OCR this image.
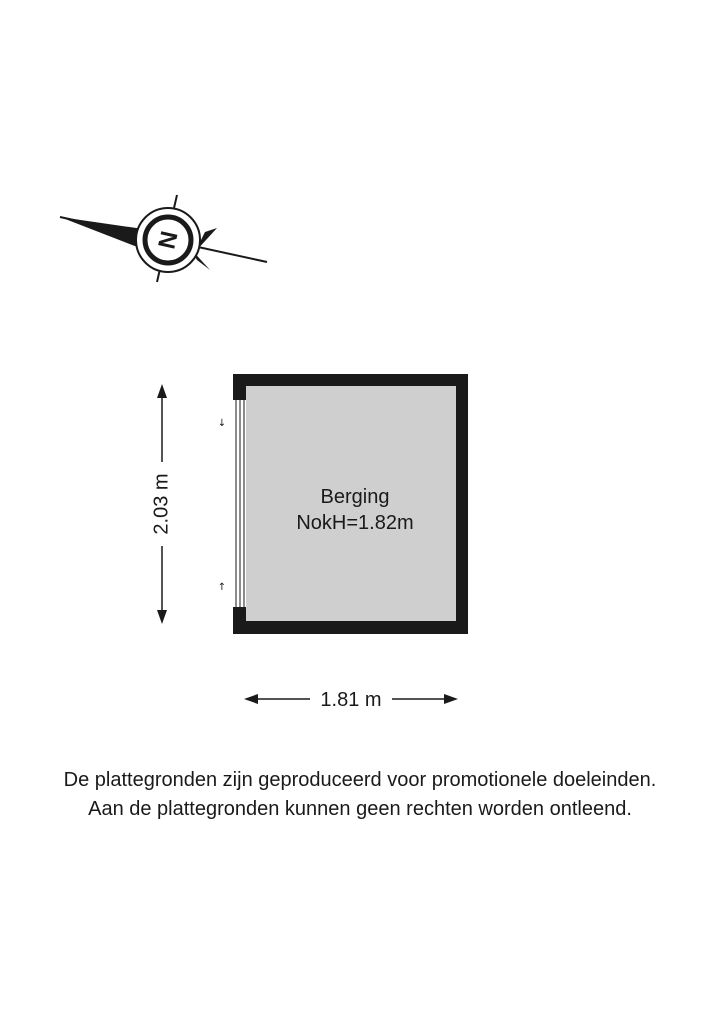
N
↓
↑
Berging
NokH=1.82m
2.03 m
1.81 m
De plattegronden zijn geproduceerd voor promotionele doeleinden.
Aan de plattegronden kunnen geen rechten worden ontleend.
